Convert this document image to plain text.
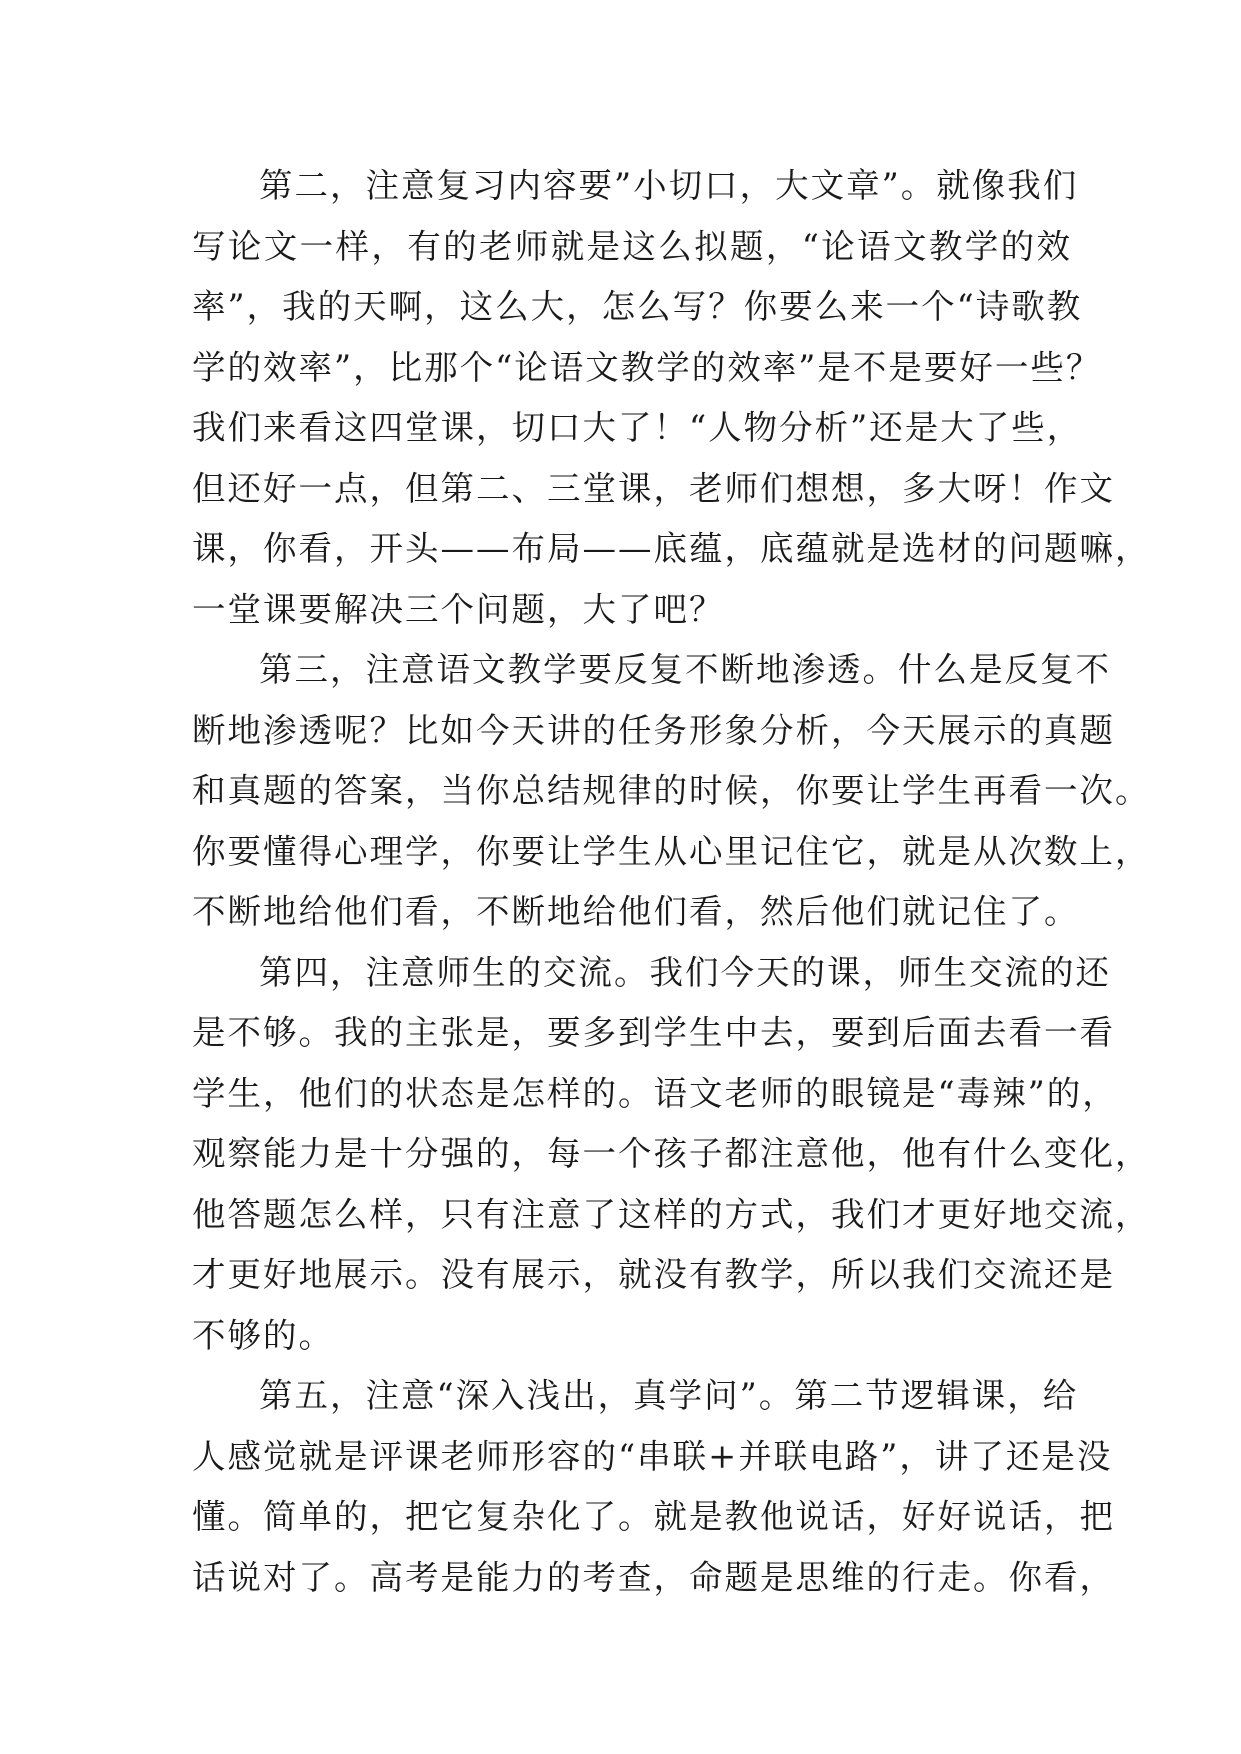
第二，注意复习内容要”小切口，大文章”。就像我们
写论文一样，有的老师就是这么拟题，“论语文教学的效
率”，我的天啊，这么大，怎么写？你要么来一个“诗歌教
学的效率”，比那个“论语文教学的效率”是不是要好一些？
我们来看这四堂课，切口大了！“人物分析”还是大了些，
但还好一点，但第二、三堂课，老师们想想，多大呀！作文
课，你看，开头——布局——底蕴，底蕴就是选材的问题嘛，
一堂课要解决三个问题，大了吧？
第三，注意语文教学要反复不断地渗透。什么是反复不
断地渗透呢？比如今天讲的任务形象分析，今天展示的真题
和真题的答案，当你总结规律的时候，你要让学生再看一次。
你要懂得心理学，你要让学生从心里记住它，就是从次数上，
不断地给他们看，不断地给他们看，然后他们就记住了。
第四，注意师生的交流。我们今天的课，师生交流的还
是不够。我的主张是，要多到学生中去，要到后面去看一看
学生，他们的状态是怎样的。语文老师的眼镜是“毒辣”的，
观察能力是十分强的，每一个孩子都注意他，他有什么变化，
他答题怎么样，只有注意了这样的方式，我们才更好地交流，
才更好地展示。没有展示，就没有教学，所以我们交流还是
不够的。
第五，注意“深入浅出，真学问”。第二节逻辑课，给
人感觉就是评课老师形容的“串联+并联电路”，讲了还是没
懂。简单的，把它复杂化了。就是教他说话，好好说话，把
话说对了。高考是能力的考查，命题是思维的行走。你看，
